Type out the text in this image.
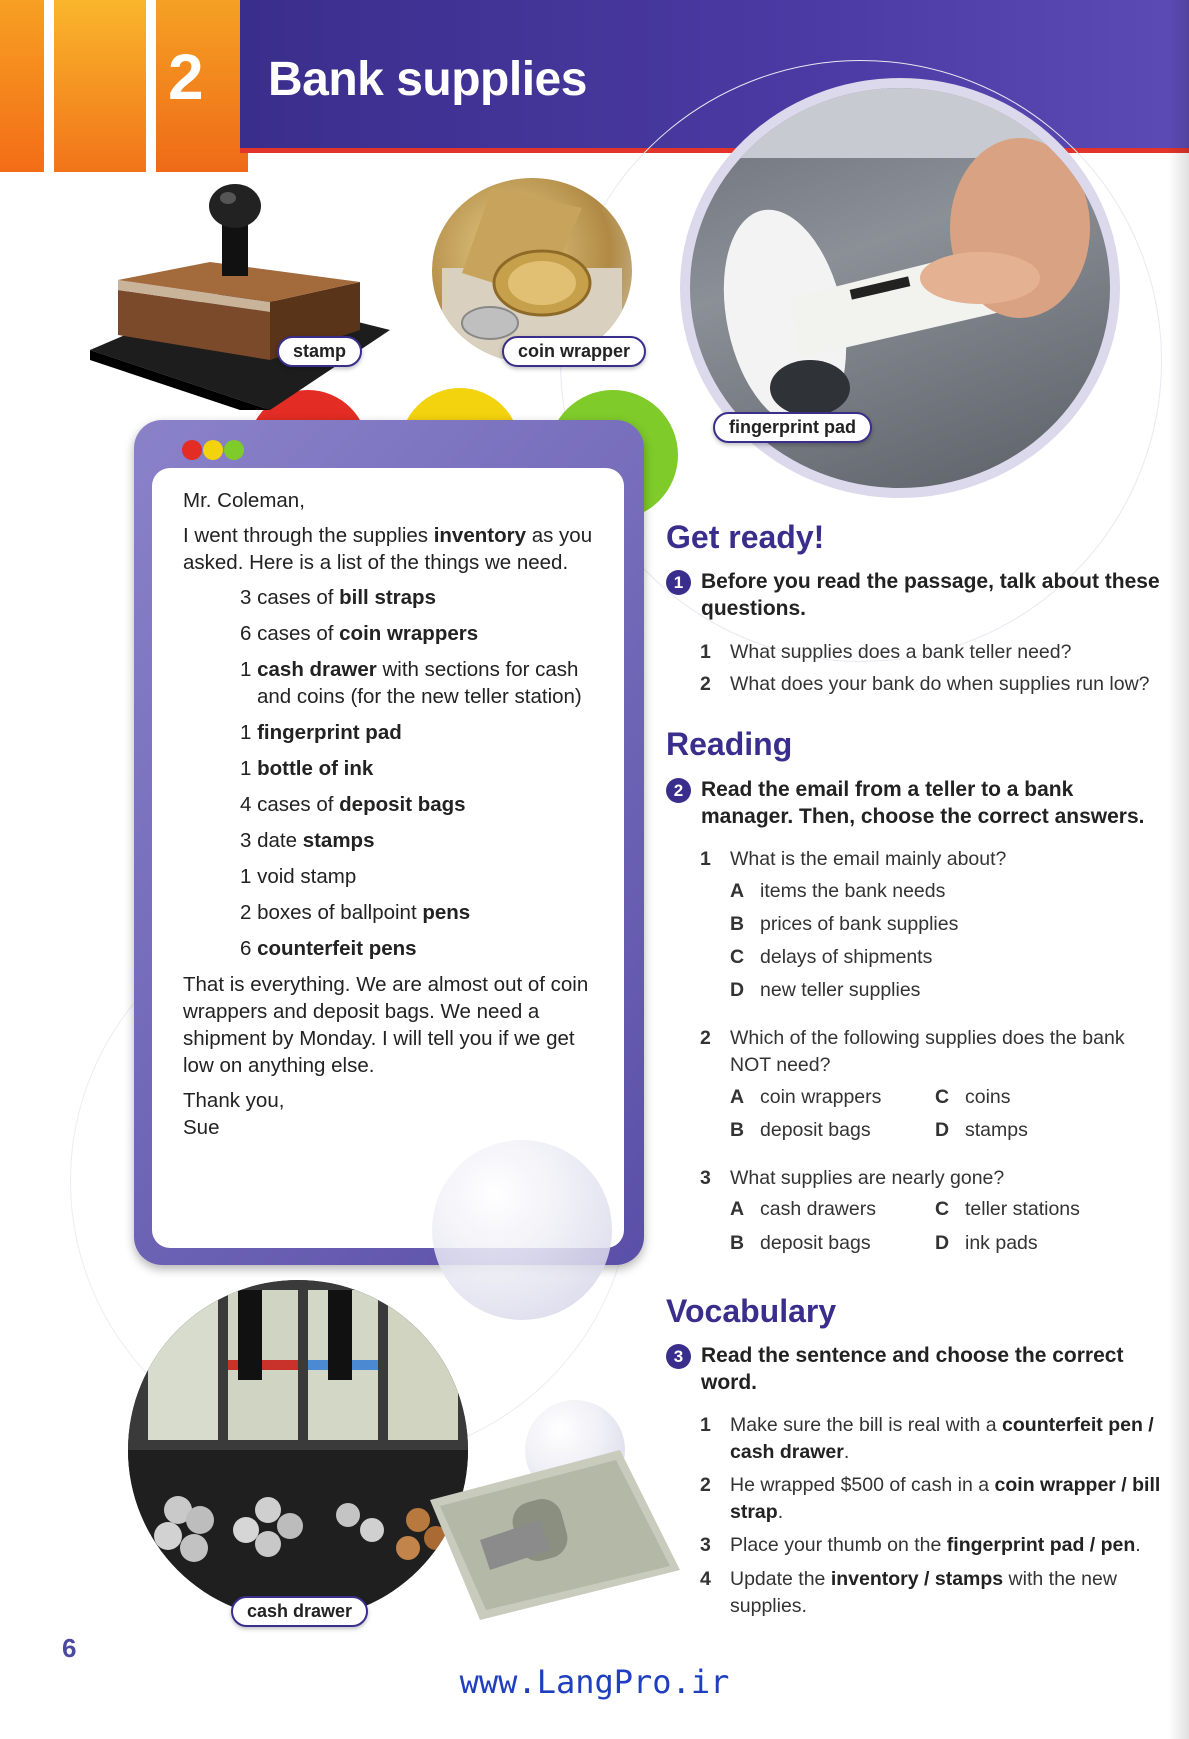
2	Bank supplies
stamp	coin wrapper
fingerprint pad

Mr. Coleman,

I went through the supplies inventory as you asked. Here is a list of the things we need.

3 cases of bill straps
6 cases of coin wrappers
1 cash drawer with sections for cash and coins (for the new teller station)
1 fingerprint pad
1 bottle of ink
4 cases of deposit bags
3 date stamps
1 void stamp
2 boxes of ballpoint pens
6 counterfeit pens

That is everything. We are almost out of coin wrappers and deposit bags. We need a shipment by Monday. I will tell you if we get low on anything else.

Thank you,
Sue

cash drawer
Get ready!
1 Before you read the passage, talk about these questions.
1 What supplies does a bank teller need?
2 What does your bank do when supplies run low?
Reading
2 Read the email from a teller to a bank manager. Then, choose the correct answers.
1 What is the email mainly about?
A items the bank needs
B prices of bank supplies
C delays of shipments
D new teller supplies
2 Which of the following supplies does the bank NOT need?
A coin wrappers
B deposit bags
C coins
D stamps
3 What supplies are nearly gone?
A cash drawers
B deposit bags
C teller stations
D ink pads
Vocabulary
3 Read the sentence and choose the correct word.
1 Make sure the bill is real with a counterfeit pen / cash drawer.
2 He wrapped $500 of cash in a coin wrapper / bill strap.
3 Place your thumb on the fingerprint pad / pen.
4 Update the inventory / stamps with the new supplies.
6
www.LangPro.ir
